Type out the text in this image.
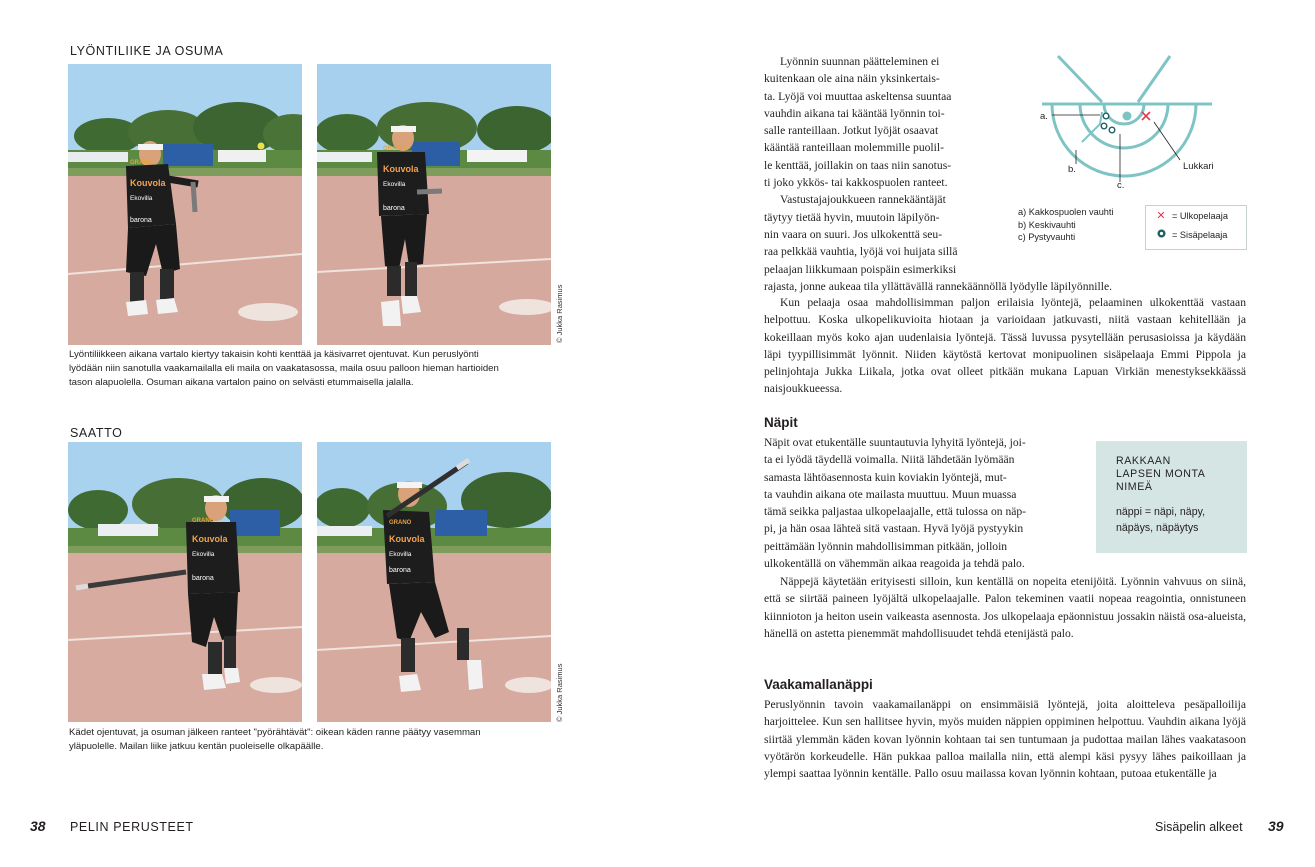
LYÖNTILIIKE JA OSUMA
GRANO
Kouvola
Ekovilla
barona
GRANO
Kouvola
Ekovilla
barona
© Jukka Rasimus
Lyöntiliikkeen aikana vartalo kiertyy takaisin kohti kenttää ja käsivarret ojentuvat. Kun peruslyönti
lyödään niin sanotulla vaakamailalla eli maila on vaakatasossa, maila osuu palloon hieman hartioiden
tason alapuolella. Osuman aikana vartalon paino on selvästi etummaisella jalalla.
SAATTO
GRANO
Kouvola
Ekovilla
barona
GRANO
Kouvola
Ekovilla
barona
© Jukka Rasimus
Kädet ojentuvat, ja osuman jälkeen ranteet "pyörähtävät": oikean käden ranne päätyy vasemman
yläpuolelle. Mailan liike jatkuu kentän puoleiselle olkapäälle.
38 PELIN PERUSTEET
Lyönnin suunnan päätteleminen ei
kuitenkaan ole aina näin yksinkertais-
ta. Lyöjä voi muuttaa askeltensa suuntaa
vauhdin aikana tai kääntää lyönnin toi-
salle ranteillaan. Jotkut lyöjät osaavat
kääntää ranteillaan molemmille puolil-
le kenttää, joillakin on taas niin sanotus-
ti joko ykkös- tai kakkospuolen ranteet.
Vastustajajoukkueen rannekääntäjät
täytyy tietää hyvin, muutoin läpilyön-
nin vaara on suuri. Jos ulkokenttä seu-
raa pelkkää vauhtia, lyöjä voi huijata sillä
pelaajan liikkumaan poispäin esimerkiksi
rajasta, jonne aukeaa tila yllättävällä rannekäännöllä lyödylle läpilyönnille.
a.
b.
c.
Lukkari
a) Kakkospuolen vauhti
b) Keskivauhti
c) Pystyvauhti
✕ = Ulkopelaaja
= Sisäpelaaja

Kun pelaaja osaa mahdollisimman paljon erilaisia lyöntejä, pelaaminen ulkokenttää vastaan helpottuu. Koska ulkopelikuvioita hiotaan ja varioidaan jatkuvasti, niitä vastaan kehitellään ja kokeillaan myös koko ajan uudenlaisia lyöntejä. Tässä luvussa pysytellään perusasioissa ja käydään läpi tyypillisimmät lyönnit. Niiden käytöstä kertovat monipuolinen sisäpelaaja Emmi Pippola ja pelinjohtaja Jukka Liikala, jotka ovat olleet pitkään mukana Lapuan Virkiän menestyksekkäässä naisjoukkueessa.

Näpit
Näpit ovat etukentälle suuntautuvia lyhyitä lyöntejä, joi-
ta ei lyödä täydellä voimalla. Niitä lähdetään lyömään
samasta lähtöasennosta kuin koviakin lyöntejä, mut-
ta vauhdin aikana ote mailasta muuttuu. Muun muassa
tämä seikka paljastaa ulkopelaajalle, että tulossa on näp-
pi, ja hän osaa lähteä sitä vastaan. Hyvä lyöjä pystyykin
peittämään lyönnin mahdollisimman pitkään, jolloin
ulkokentällä on vähemmän aikaa reagoida ja tehdä palo.
RAKKAAN
LAPSEN MONTA
NIMEÄ
näppi = näpi, näpy,
näpäys, näpäytys

Näppejä käytetään erityisesti silloin, kun kentällä on nopeita etenijöitä. Lyönnin vahvuus on siinä, että se siirtää paineen lyöjältä ulkopelaajalle. Palon tekeminen vaatii nopeaa reagointia, onnistuneen kiinnioton ja heiton usein vaikeasta asennosta. Jos ulkopelaaja epäonnistuu jossakin näistä osa-alueista, hänellä on astetta pienemmät mahdollisuudet tehdä etenijästä palo.

Vaakamallanäppi

Peruslyönnin tavoin vaakamailanäppi on ensimmäisiä lyöntejä, joita aloitteleva pesäpalloilija harjoittelee. Kun sen hallitsee hyvin, myös muiden näppien oppiminen helpottuu. Vauhdin aikana lyöjä siirtää ylemmän käden kovan lyönnin kohtaan tai sen tuntumaan ja pudottaa mailan lähes vaakatasoon vyötärön korkeudelle. Hän pukkaa palloa mailalla niin, että alempi käsi pysyy lähes paikoillaan ja ylempi saattaa lyönnin kentälle. Pallo osuu mailassa kovan lyönnin kohtaan, putoaa etukentälle ja

Sisäpelin alkeet 39
